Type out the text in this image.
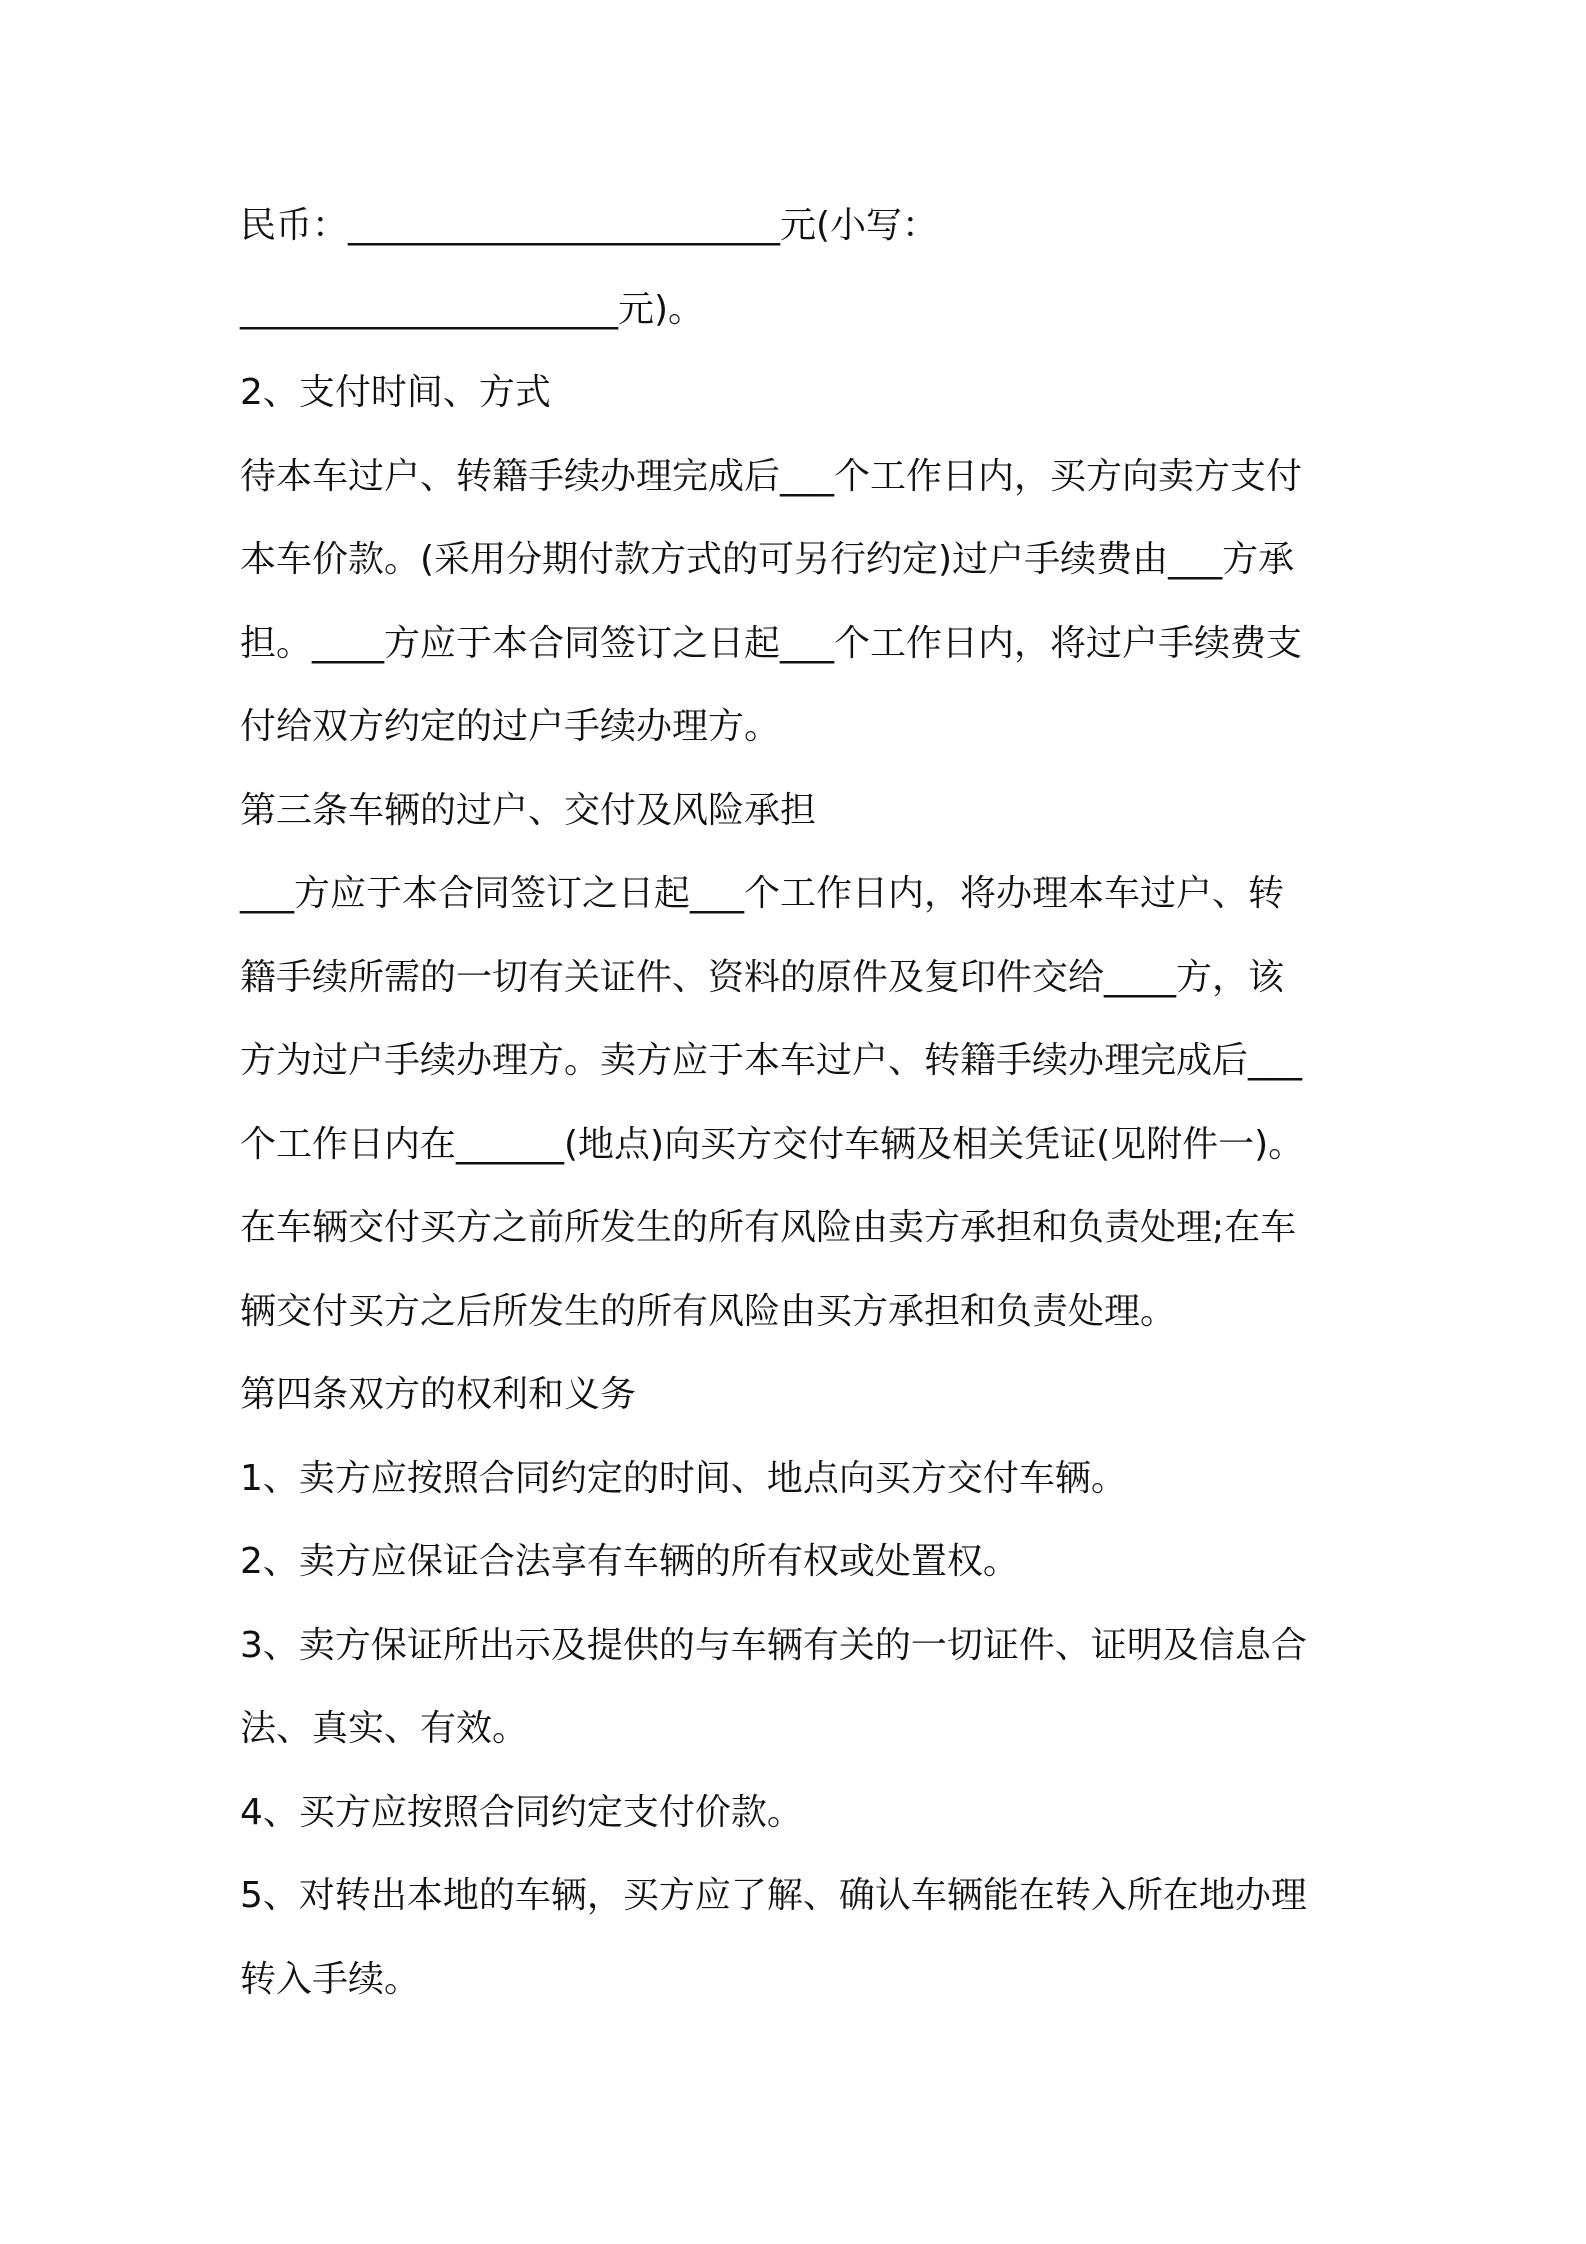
民币：________________________元(小写：

_____________________元)。

2、支付时间、方式

待本车过户、转籍手续办理完成后___个工作日内，买方向卖方支付

本车价款。(采用分期付款方式的可另行约定)过户手续费由___方承

担。____方应于本合同签订之日起___个工作日内，将过户手续费支

付给双方约定的过户手续办理方。

第三条车辆的过户、交付及风险承担

___方应于本合同签订之日起___个工作日内，将办理本车过户、转

籍手续所需的一切有关证件、资料的原件及复印件交给____方，该

方为过户手续办理方。卖方应于本车过户、转籍手续办理完成后___

个工作日内在______(地点)向买方交付车辆及相关凭证(见附件一)。

在车辆交付买方之前所发生的所有风险由卖方承担和负责处理;在车

辆交付买方之后所发生的所有风险由买方承担和负责处理。

第四条双方的权利和义务

1、卖方应按照合同约定的时间、地点向买方交付车辆。

2、卖方应保证合法享有车辆的所有权或处置权。

3、卖方保证所出示及提供的与车辆有关的一切证件、证明及信息合

法、真实、有效。

4、买方应按照合同约定支付价款。

5、对转出本地的车辆，买方应了解、确认车辆能在转入所在地办理

转入手续。
